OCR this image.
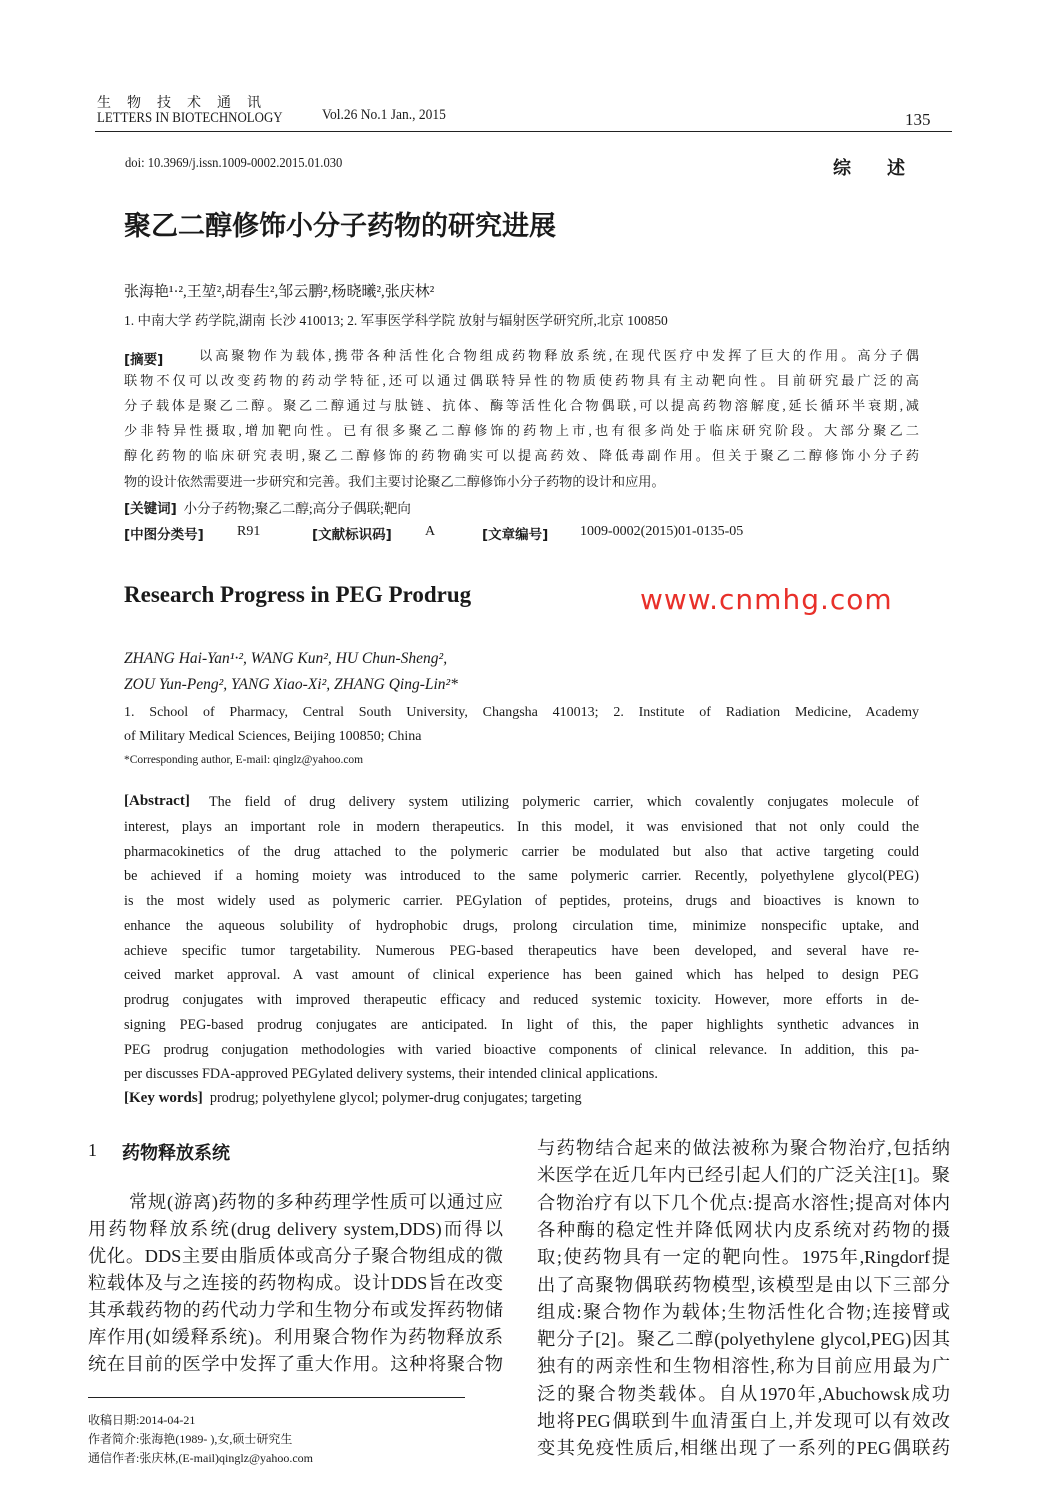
生　物　技　术　通　讯
LETTERS IN BIOTECHNOLOGY	Vol.26 No.1 Jan., 2015	135
doi: 10.3969/j.issn.1009-0002.2015.01.030	综　　述
聚乙二醇修饰小分子药物的研究进展
张海艳¹·²,王堃²,胡春生²,邹云鹏²,杨晓曦²,张庆林²
1. 中南大学 药学院,湖南 长沙 410013; 2. 军事医学科学院 放射与辐射医学研究所,北京 100850
[摘要]	以高聚物作为载体,携带各种活性化合物组成药物释放系统,在现代医疗中发挥了巨大的作用。高分子偶
联物不仅可以改变药物的药动学特征,还可以通过偶联特异性的物质使药物具有主动靶向性。目前研究最广泛的高
分子载体是聚乙二醇。聚乙二醇通过与肽链、抗体、酶等活性化合物偶联,可以提高药物溶解度,延长循环半衰期,减
少非特异性摄取,增加靶向性。已有很多聚乙二醇修饰的药物上市,也有很多尚处于临床研究阶段。大部分聚乙二
醇化药物的临床研究表明,聚乙二醇修饰的药物确实可以提高药效、降低毒副作用。但关于聚乙二醇修饰小分子药
物的设计依然需要进一步研究和完善。我们主要讨论聚乙二醇修饰小分子药物的设计和应用。
[关键词] 小分子药物;聚乙二醇;高分子偶联;靶向
[中图分类号] R91	[文献标识码] A	[文章编号] 1009-0002(2015)01-0135-05
Research Progress in PEG Prodrug
ZHANG Hai-Yan¹·², WANG Kun², HU Chun-Sheng²,
ZOU Yun-Peng², YANG Xiao-Xi², ZHANG Qing-Lin²*
1. School of Pharmacy, Central South University, Changsha 410013; 2. Institute of Radiation Medicine, Academy
of Military Medical Sciences, Beijing 100850; China
*Corresponding author, E-mail: qinglz@yahoo.com
[Abstract] The field of drug delivery system utilizing polymeric carrier, which covalently conjugates molecule of
interest, plays an important role in modern therapeutics. In this model, it was envisioned that not only could the
pharmacokinetics of the drug attached to the polymeric carrier be modulated but also that active targeting could
be achieved if a homing moiety was introduced to the same polymeric carrier. Recently, polyethylene glycol(PEG)
is the most widely used as polymeric carrier. PEGylation of peptides, proteins, drugs and bioactives is known to
enhance the aqueous solubility of hydrophobic drugs, prolong circulation time, minimize nonspecific uptake, and
achieve specific tumor targetability. Numerous PEG-based therapeutics have been developed, and several have re-
ceived market approval. A vast amount of clinical experience has been gained which has helped to design PEG
prodrug conjugates with improved therapeutic efficacy and reduced systemic toxicity. However, more efforts in de-
signing PEG-based prodrug conjugates are anticipated. In light of this, the paper highlights synthetic advances in
PEG prodrug conjugation methodologies with varied bioactive components of clinical relevance. In addition, this pa-
per discusses FDA-approved PEGylated delivery systems, their intended clinical applications.
[Key words] prodrug; polyethylene glycol; polymer-drug conjugates; targeting
1 药物释放系统
常规(游离)药物的多种药理学性质可以通过应
用药物释放系统(drug delivery system,DDS)而得以
优化。DDS主要由脂质体或高分子聚合物组成的微
粒载体及与之连接的药物构成。设计DDS旨在改变
其承载药物的药代动力学和生物分布或发挥药物储
库作用(如缓释系统)。利用聚合物作为药物释放系
统在目前的医学中发挥了重大作用。这种将聚合物
与药物结合起来的做法被称为聚合物治疗,包括纳
米医学在近几年内已经引起人们的广泛关注[1]。聚
合物治疗有以下几个优点:提高水溶性;提高对体内
各种酶的稳定性并降低网状内皮系统对药物的摄
取;使药物具有一定的靶向性。1975年,Ringdorf提
出了高聚物偶联药物模型,该模型是由以下三部分
组成:聚合物作为载体;生物活性化合物;连接臂或
靶分子[2]。聚乙二醇(polyethylene glycol,PEG)因其
独有的两亲性和生物相溶性,称为目前应用最为广
泛的聚合物类载体。自从1970年,Abuchowsk成功
地将PEG偶联到牛血清蛋白上,并发现可以有效改
变其免疫性质后,相继出现了一系列的PEG偶联药
收稿日期:2014-04-21
作者简介:张海艳(1989- ),女,硕士研究生
通信作者:张庆林,(E-mail)qinglz@yahoo.com
www.cnmhg.com
